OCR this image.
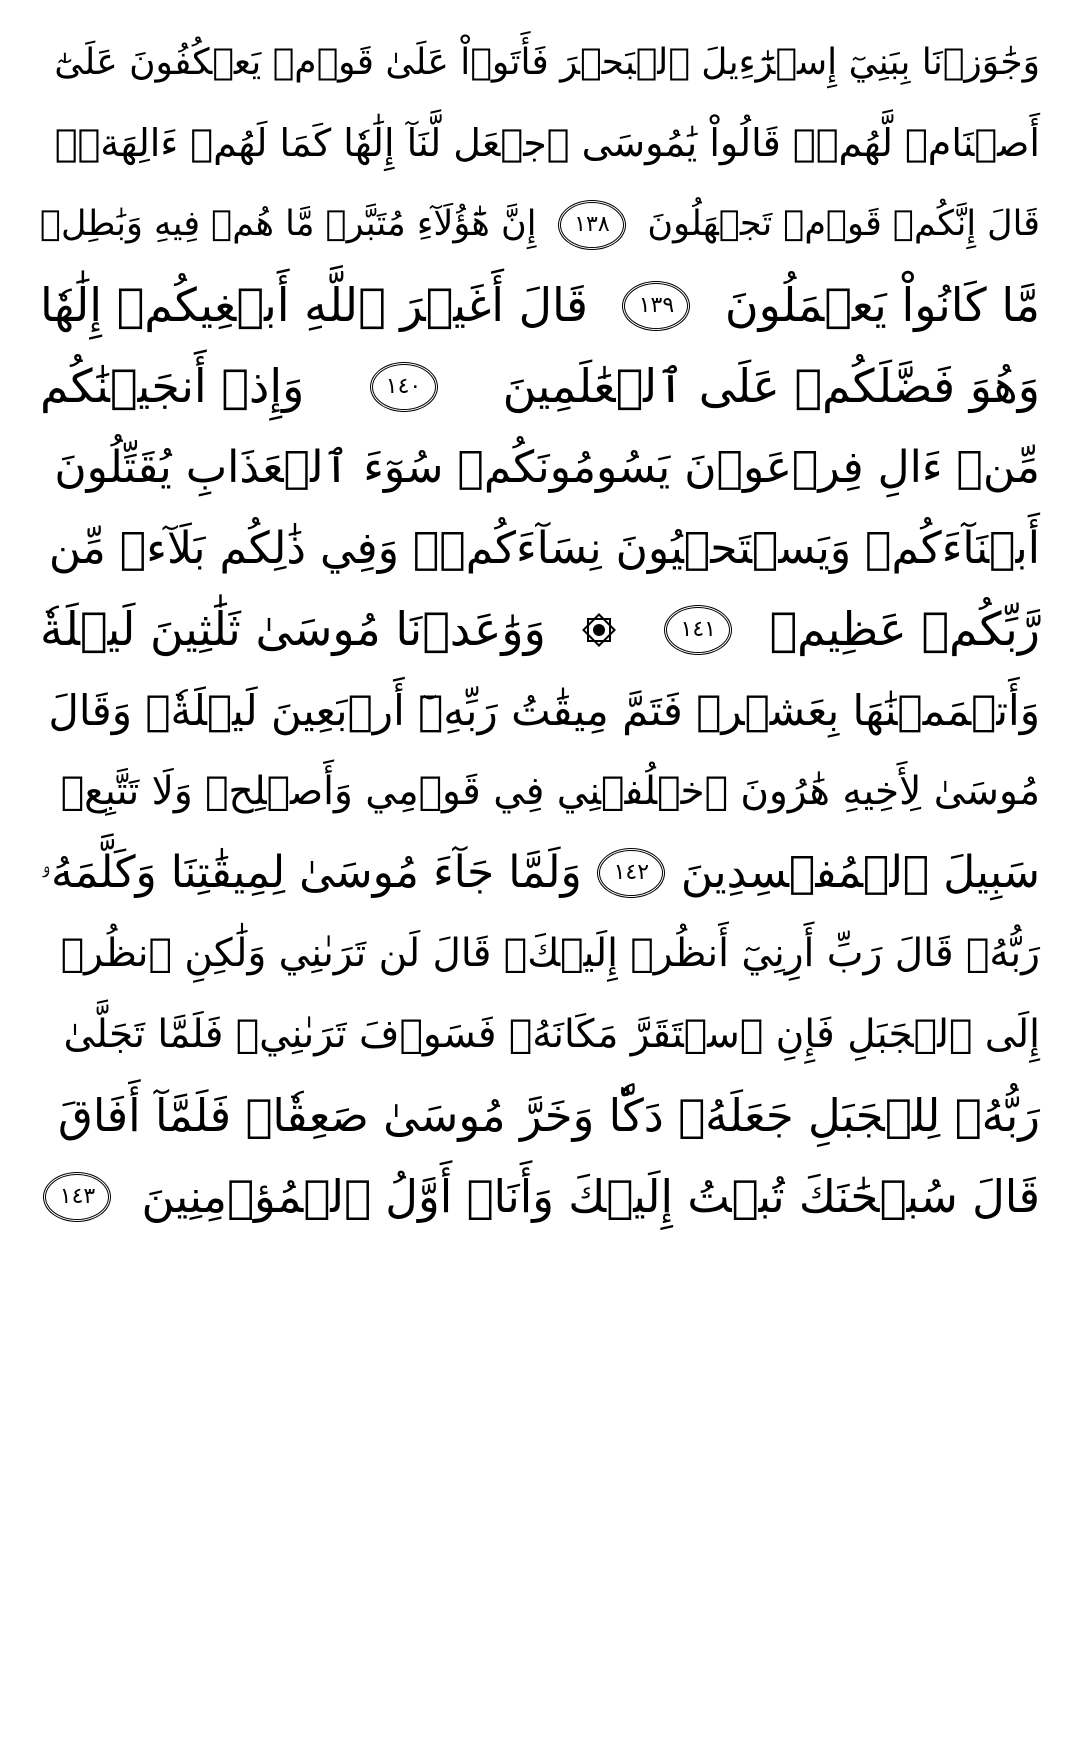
وَجَٰوَزۡنَا بِبَنِيٓ إِسۡرَٰٓءِيلَ ٱلۡبَحۡرَ فَأَتَوۡاْ عَلَىٰ قَوۡمٖ يَعۡكُفُونَ عَلَىٰٓ
أَصۡنَامٖ لَّهُمۡۚ قَالُواْ يَٰمُوسَى ٱجۡعَل لَّنَآ إِلَٰهٗا كَمَا لَهُمۡ ءَالِهَةٞۚ
قَالَ إِنَّكُمۡ قَوۡمٞ تَجۡهَلُونَ
١٣٨
إِنَّ هَٰٓؤُلَآءِ مُتَبَّرٞ مَّا هُمۡ فِيهِ وَبَٰطِلٞ
مَّا كَانُواْ يَعۡمَلُونَ
١٣٩
قَالَ أَغَيۡرَ ٱللَّهِ أَبۡغِيكُمۡ إِلَٰهٗا
وَهُوَ فَضَّلَكُمۡ عَلَى ٱلۡعَٰلَمِينَ
١٤٠
وَإِذۡ أَنجَيۡنَٰكُم
مِّنۡ ءَالِ فِرۡعَوۡنَ يَسُومُونَكُمۡ سُوٓءَ ٱلۡعَذَابِ يُقَتِّلُونَ
أَبۡنَآءَكُمۡ وَيَسۡتَحۡيُونَ نِسَآءَكُمۡۚ وَفِي ذَٰلِكُم بَلَآءٞ مِّن
رَّبِّكُمۡ عَظِيمٞ
١٤١
وَوَٰعَدۡنَا مُوسَىٰ ثَلَٰثِينَ لَيۡلَةٗ
وَأَتۡمَمۡنَٰهَا بِعَشۡرٖ فَتَمَّ مِيقَٰتُ رَبِّهِۦٓ أَرۡبَعِينَ لَيۡلَةٗۚ وَقَالَ
مُوسَىٰ لِأَخِيهِ هَٰرُونَ ٱخۡلُفۡنِي فِي قَوۡمِي وَأَصۡلِحۡ وَلَا تَتَّبِعۡ
سَبِيلَ ٱلۡمُفۡسِدِينَ
١٤٢
وَلَمَّا جَآءَ مُوسَىٰ لِمِيقَٰتِنَا وَكَلَّمَهُۥ
رَبُّهُۥ قَالَ رَبِّ أَرِنِيٓ أَنظُرۡ إِلَيۡكَۚ قَالَ لَن تَرَىٰنِي وَلَٰكِنِ ٱنظُرۡ
إِلَى ٱلۡجَبَلِ فَإِنِ ٱسۡتَقَرَّ مَكَانَهُۥ فَسَوۡفَ تَرَىٰنِيۚ فَلَمَّا تَجَلَّىٰ
رَبُّهُۥ لِلۡجَبَلِ جَعَلَهُۥ دَكّٗا وَخَرَّ مُوسَىٰ صَعِقٗاۚ فَلَمَّآ أَفَاقَ
قَالَ سُبۡحَٰنَكَ تُبۡتُ إِلَيۡكَ وَأَنَا۠ أَوَّلُ ٱلۡمُؤۡمِنِينَ
١٤٣
